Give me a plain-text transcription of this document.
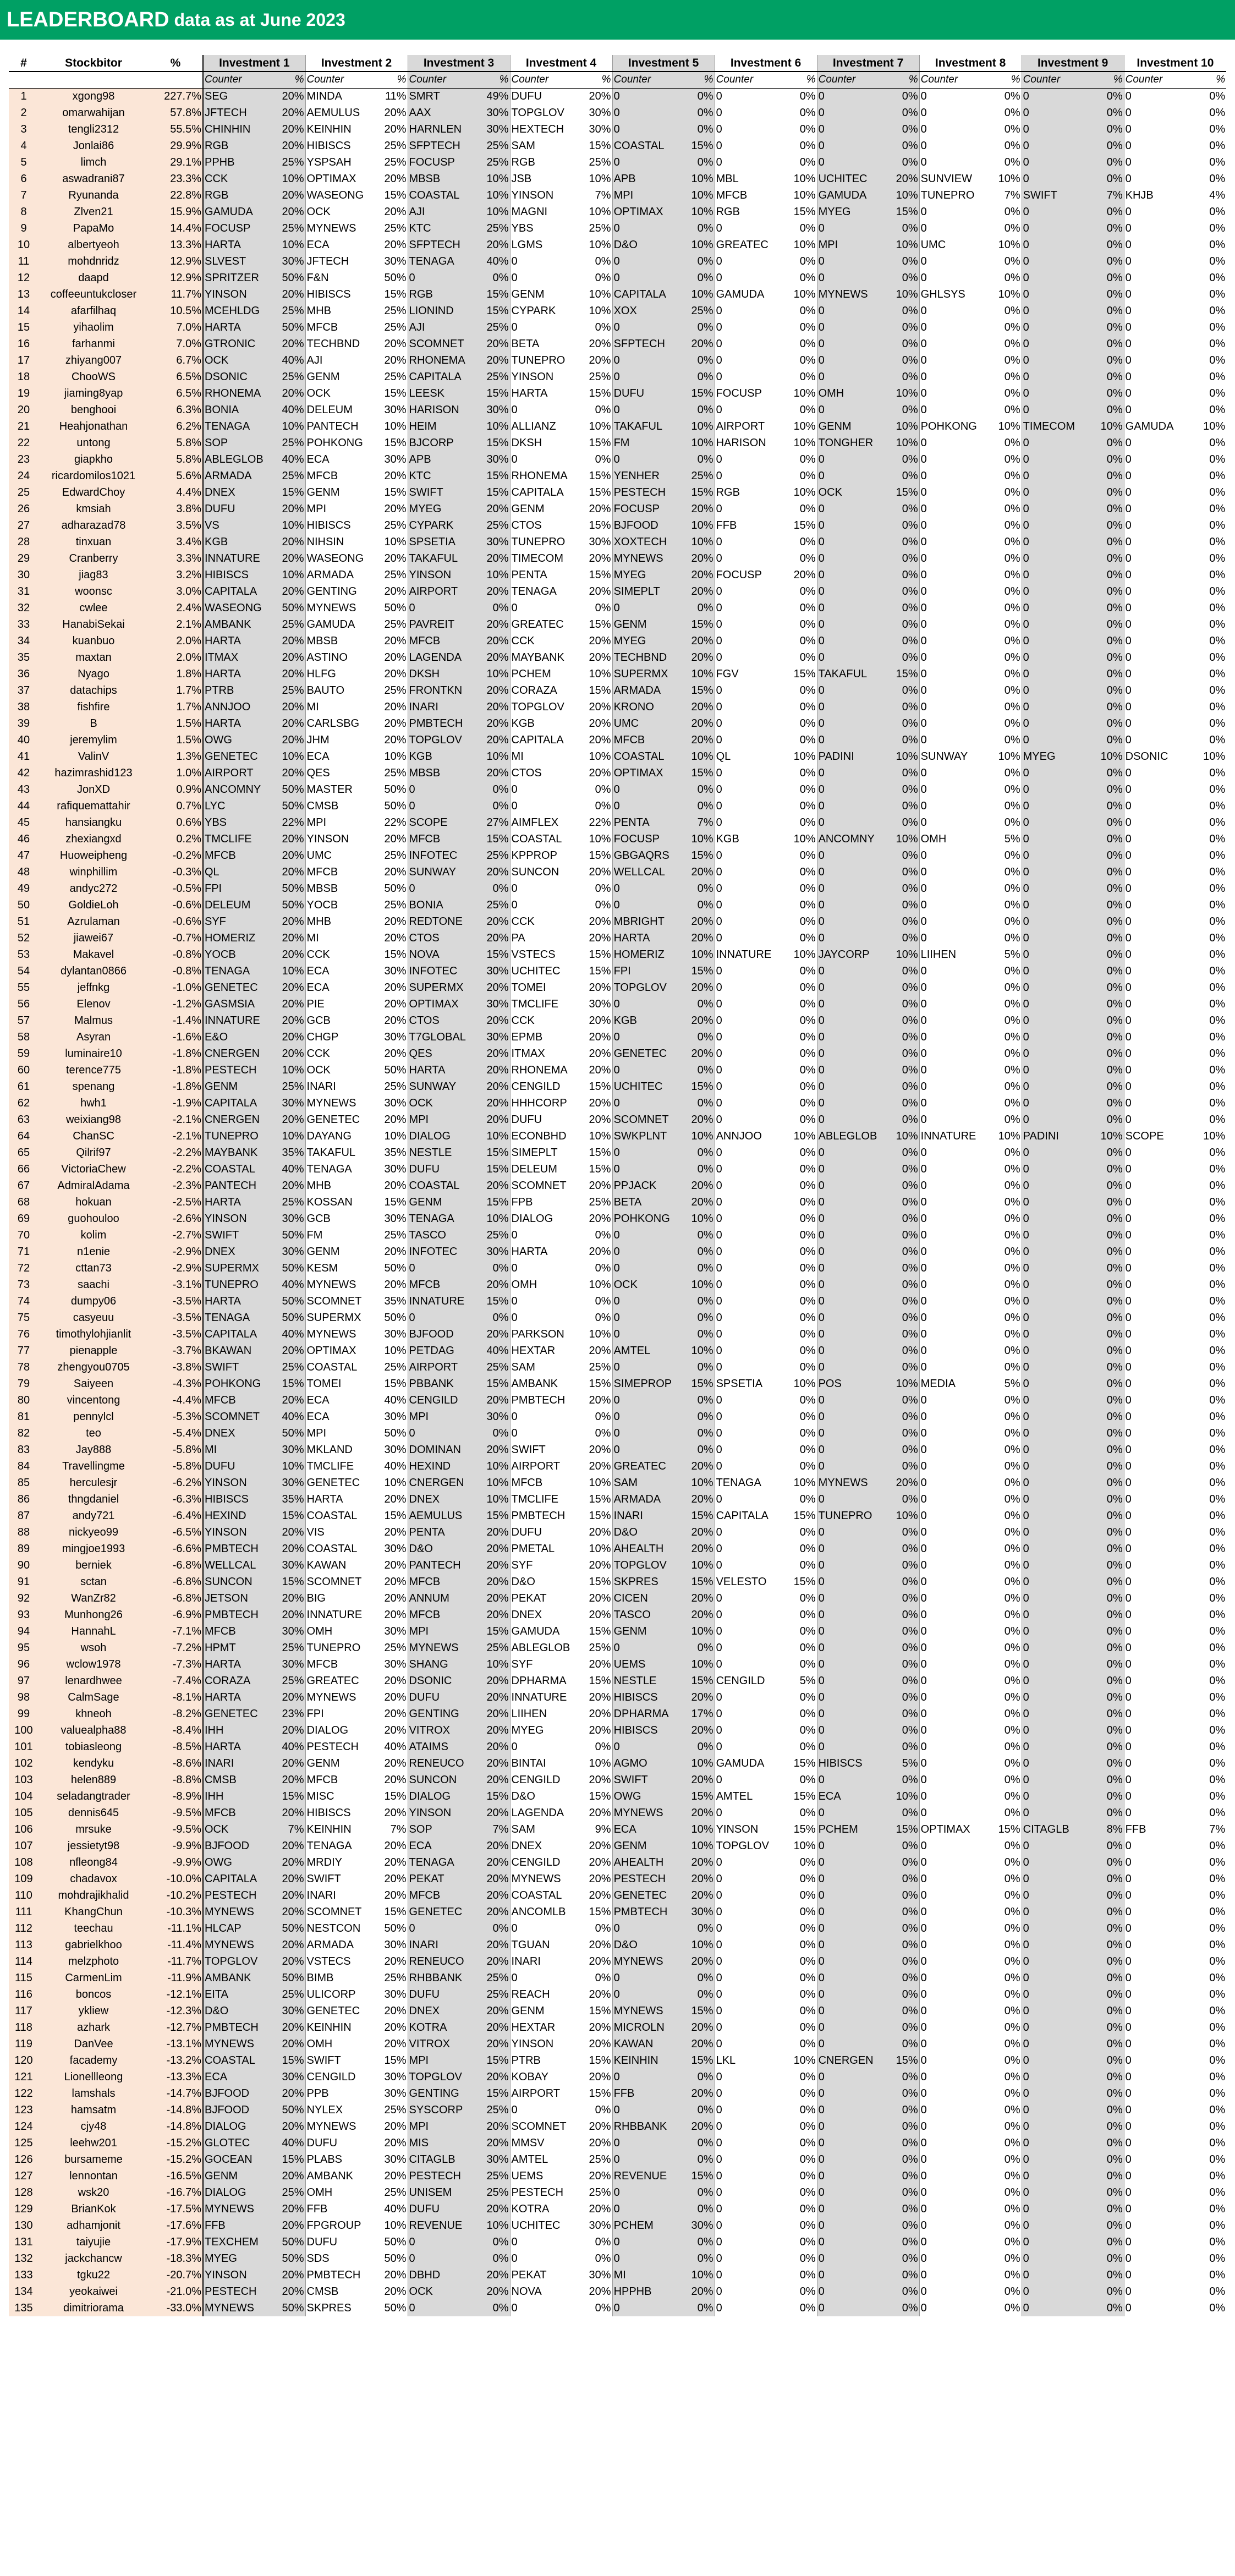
LEADERBOARD data as at June 2023
#	Stockbitor	%	Investment 1		Investment 2		Investment 3		Investment 4		Investment 5		Investment 6		Investment 7		Investment 8		Investment 9		Investment 10	
			Counter	%	Counter	%	Counter	%	Counter	%	Counter	%	Counter	%	Counter	%	Counter	%	Counter	%	Counter	%
1	xgong98	227.7%	SEG	20%	MINDA	11%	SMRT	49%	DUFU	20%	0	0%	0	0%	0	0%	0	0%	0	0%	0	0%
2	omarwahijan	57.8%	JFTECH	20%	AEMULUS	20%	AAX	30%	TOPGLOV	30%	0	0%	0	0%	0	0%	0	0%	0	0%	0	0%
3	tengli2312	55.5%	CHINHIN	20%	KEINHIN	20%	HARNLEN	30%	HEXTECH	30%	0	0%	0	0%	0	0%	0	0%	0	0%	0	0%
4	Jonlai86	29.9%	RGB	20%	HIBISCS	25%	SFPTECH	25%	SAM	15%	COASTAL	15%	0	0%	0	0%	0	0%	0	0%	0	0%
5	limch	29.1%	PPHB	25%	YSPSAH	25%	FOCUSP	25%	RGB	25%	0	0%	0	0%	0	0%	0	0%	0	0%	0	0%
6	aswadrani87	23.3%	CCK	10%	OPTIMAX	20%	MBSB	10%	JSB	10%	APB	10%	MBL	10%	UCHITEC	20%	SUNVIEW	10%	0	0%	0	0%
7	Ryunanda	22.8%	RGB	20%	WASEONG	15%	COASTAL	10%	YINSON	7%	MPI	10%	MFCB	10%	GAMUDA	10%	TUNEPRO	7%	SWIFT	7%	KHJB	4%
8	Zlven21	15.9%	GAMUDA	20%	OCK	20%	AJI	10%	MAGNI	10%	OPTIMAX	10%	RGB	15%	MYEG	15%	0	0%	0	0%	0	0%
9	PapaMo	14.4%	FOCUSP	25%	MYNEWS	25%	KTC	25%	YBS	25%	0	0%	0	0%	0	0%	0	0%	0	0%	0	0%
10	albertyeoh	13.3%	HARTA	10%	ECA	20%	SFPTECH	20%	LGMS	10%	D&O	10%	GREATEC	10%	MPI	10%	UMC	10%	0	0%	0	0%
11	mohdnridz	12.9%	SLVEST	30%	JFTECH	30%	TENAGA	40%	0	0%	0	0%	0	0%	0	0%	0	0%	0	0%	0	0%
12	daapd	12.9%	SPRITZER	50%	F&N	50%	0	0%	0	0%	0	0%	0	0%	0	0%	0	0%	0	0%	0	0%
13	coffeeuntukcloser	11.7%	YINSON	20%	HIBISCS	15%	RGB	15%	GENM	10%	CAPITALA	10%	GAMUDA	10%	MYNEWS	10%	GHLSYS	10%	0	0%	0	0%
14	afarfilhaq	10.5%	MCEHLDG	25%	MHB	25%	LIONIND	15%	CYPARK	10%	XOX	25%	0	0%	0	0%	0	0%	0	0%	0	0%
15	yihaolim	7.0%	HARTA	50%	MFCB	25%	AJI	25%	0	0%	0	0%	0	0%	0	0%	0	0%	0	0%	0	0%
16	farhanmi	7.0%	GTRONIC	20%	TECHBND	20%	SCOMNET	20%	BETA	20%	SFPTECH	20%	0	0%	0	0%	0	0%	0	0%	0	0%
17	zhiyang007	6.7%	OCK	40%	AJI	20%	RHONEMA	20%	TUNEPRO	20%	0	0%	0	0%	0	0%	0	0%	0	0%	0	0%
18	ChooWS	6.5%	DSONIC	25%	GENM	25%	CAPITALA	25%	YINSON	25%	0	0%	0	0%	0	0%	0	0%	0	0%	0	0%
19	jiaming8yap	6.5%	RHONEMA	20%	OCK	15%	LEESK	15%	HARTA	15%	DUFU	15%	FOCUSP	10%	OMH	10%	0	0%	0	0%	0	0%
20	benghooi	6.3%	BONIA	40%	DELEUM	30%	HARISON	30%	0	0%	0	0%	0	0%	0	0%	0	0%	0	0%	0	0%
21	Heahjonathan	6.2%	TENAGA	10%	PANTECH	10%	HEIM	10%	ALLIANZ	10%	TAKAFUL	10%	AIRPORT	10%	GENM	10%	POHKONG	10%	TIMECOM	10%	GAMUDA	10%
22	untong	5.8%	SOP	25%	POHKONG	15%	BJCORP	15%	DKSH	15%	FM	10%	HARISON	10%	TONGHER	10%	0	0%	0	0%	0	0%
23	giapkho	5.8%	ABLEGLOB	40%	ECA	30%	APB	30%	0	0%	0	0%	0	0%	0	0%	0	0%	0	0%	0	0%
24	ricardomilos1021	5.6%	ARMADA	25%	MFCB	20%	KTC	15%	RHONEMA	15%	YENHER	25%	0	0%	0	0%	0	0%	0	0%	0	0%
25	EdwardChoy	4.4%	DNEX	15%	GENM	15%	SWIFT	15%	CAPITALA	15%	PESTECH	15%	RGB	10%	OCK	15%	0	0%	0	0%	0	0%
26	kmsiah	3.8%	DUFU	20%	MPI	20%	MYEG	20%	GENM	20%	FOCUSP	20%	0	0%	0	0%	0	0%	0	0%	0	0%
27	adharazad78	3.5%	VS	10%	HIBISCS	25%	CYPARK	25%	CTOS	15%	BJFOOD	10%	FFB	15%	0	0%	0	0%	0	0%	0	0%
28	tinxuan	3.4%	KGB	20%	NIHSIN	10%	SPSETIA	30%	TUNEPRO	30%	XOXTECH	10%	0	0%	0	0%	0	0%	0	0%	0	0%
29	Cranberry	3.3%	INNATURE	20%	WASEONG	20%	TAKAFUL	20%	TIMECOM	20%	MYNEWS	20%	0	0%	0	0%	0	0%	0	0%	0	0%
30	jiag83	3.2%	HIBISCS	10%	ARMADA	25%	YINSON	10%	PENTA	15%	MYEG	20%	FOCUSP	20%	0	0%	0	0%	0	0%	0	0%
31	woonsc	3.0%	CAPITALA	20%	GENTING	20%	AIRPORT	20%	TENAGA	20%	SIMEPLT	20%	0	0%	0	0%	0	0%	0	0%	0	0%
32	cwlee	2.4%	WASEONG	50%	MYNEWS	50%	0	0%	0	0%	0	0%	0	0%	0	0%	0	0%	0	0%	0	0%
33	HanabiSekai	2.1%	AMBANK	25%	GAMUDA	25%	PAVREIT	20%	GREATEC	15%	GENM	15%	0	0%	0	0%	0	0%	0	0%	0	0%
34	kuanbuo	2.0%	HARTA	20%	MBSB	20%	MFCB	20%	CCK	20%	MYEG	20%	0	0%	0	0%	0	0%	0	0%	0	0%
35	maxtan	2.0%	ITMAX	20%	ASTINO	20%	LAGENDA	20%	MAYBANK	20%	TECHBND	20%	0	0%	0	0%	0	0%	0	0%	0	0%
36	Nyago	1.8%	HARTA	20%	HLFG	20%	DKSH	10%	PCHEM	10%	SUPERMX	10%	FGV	15%	TAKAFUL	15%	0	0%	0	0%	0	0%
37	datachips	1.7%	PTRB	25%	BAUTO	25%	FRONTKN	20%	CORAZA	15%	ARMADA	15%	0	0%	0	0%	0	0%	0	0%	0	0%
38	fishfire	1.7%	ANNJOO	20%	MI	20%	INARI	20%	TOPGLOV	20%	KRONO	20%	0	0%	0	0%	0	0%	0	0%	0	0%
39	B	1.5%	HARTA	20%	CARLSBG	20%	PMBTECH	20%	KGB	20%	UMC	20%	0	0%	0	0%	0	0%	0	0%	0	0%
40	jeremylim	1.5%	OWG	20%	JHM	20%	TOPGLOV	20%	CAPITALA	20%	MFCB	20%	0	0%	0	0%	0	0%	0	0%	0	0%
41	ValinV	1.3%	GENETEC	10%	ECA	10%	KGB	10%	MI	10%	COASTAL	10%	QL	10%	PADINI	10%	SUNWAY	10%	MYEG	10%	DSONIC	10%
42	hazimrashid123	1.0%	AIRPORT	20%	QES	25%	MBSB	20%	CTOS	20%	OPTIMAX	15%	0	0%	0	0%	0	0%	0	0%	0	0%
43	JonXD	0.9%	ANCOMNY	50%	MASTER	50%	0	0%	0	0%	0	0%	0	0%	0	0%	0	0%	0	0%	0	0%
44	rafiquemattahir	0.7%	LYC	50%	CMSB	50%	0	0%	0	0%	0	0%	0	0%	0	0%	0	0%	0	0%	0	0%
45	hansiangku	0.6%	YBS	22%	MPI	22%	SCOPE	27%	AIMFLEX	22%	PENTA	7%	0	0%	0	0%	0	0%	0	0%	0	0%
46	zhexiangxd	0.2%	TMCLIFE	20%	YINSON	20%	MFCB	15%	COASTAL	10%	FOCUSP	10%	KGB	10%	ANCOMNY	10%	OMH	5%	0	0%	0	0%
47	Huoweipheng	-0.2%	MFCB	20%	UMC	25%	INFOTEC	25%	KPPROP	15%	GBGAQRS	15%	0	0%	0	0%	0	0%	0	0%	0	0%
48	winphillim	-0.3%	QL	20%	MFCB	20%	SUNWAY	20%	SUNCON	20%	WELLCAL	20%	0	0%	0	0%	0	0%	0	0%	0	0%
49	andyc272	-0.5%	FPI	50%	MBSB	50%	0	0%	0	0%	0	0%	0	0%	0	0%	0	0%	0	0%	0	0%
50	GoldieLoh	-0.6%	DELEUM	50%	YOCB	25%	BONIA	25%	0	0%	0	0%	0	0%	0	0%	0	0%	0	0%	0	0%
51	Azrulaman	-0.6%	SYF	20%	MHB	20%	REDTONE	20%	CCK	20%	MBRIGHT	20%	0	0%	0	0%	0	0%	0	0%	0	0%
52	jiawei67	-0.7%	HOMERIZ	20%	MI	20%	CTOS	20%	PA	20%	HARTA	20%	0	0%	0	0%	0	0%	0	0%	0	0%
53	Makavel	-0.8%	YOCB	20%	CCK	15%	NOVA	15%	VSTECS	15%	HOMERIZ	10%	INNATURE	10%	JAYCORP	10%	LIIHEN	5%	0	0%	0	0%
54	dylantan0866	-0.8%	TENAGA	10%	ECA	30%	INFOTEC	30%	UCHITEC	15%	FPI	15%	0	0%	0	0%	0	0%	0	0%	0	0%
55	jeffnkg	-1.0%	GENETEC	20%	ECA	20%	SUPERMX	20%	TOMEI	20%	TOPGLOV	20%	0	0%	0	0%	0	0%	0	0%	0	0%
56	Elenov	-1.2%	GASMSIA	20%	PIE	20%	OPTIMAX	30%	TMCLIFE	30%	0	0%	0	0%	0	0%	0	0%	0	0%	0	0%
57	Malmus	-1.4%	INNATURE	20%	GCB	20%	CTOS	20%	CCK	20%	KGB	20%	0	0%	0	0%	0	0%	0	0%	0	0%
58	Asyran	-1.6%	E&O	20%	CHGP	30%	T7GLOBAL	30%	EPMB	20%	0	0%	0	0%	0	0%	0	0%	0	0%	0	0%
59	luminaire10	-1.8%	CNERGEN	20%	CCK	20%	QES	20%	ITMAX	20%	GENETEC	20%	0	0%	0	0%	0	0%	0	0%	0	0%
60	terence775	-1.8%	PESTECH	10%	OCK	50%	HARTA	20%	RHONEMA	20%	0	0%	0	0%	0	0%	0	0%	0	0%	0	0%
61	spenang	-1.8%	GENM	25%	INARI	25%	SUNWAY	20%	CENGILD	15%	UCHITEC	15%	0	0%	0	0%	0	0%	0	0%	0	0%
62	hwh1	-1.9%	CAPITALA	30%	MYNEWS	30%	OCK	20%	HHHCORP	20%	0	0%	0	0%	0	0%	0	0%	0	0%	0	0%
63	weixiang98	-2.1%	CNERGEN	20%	GENETEC	20%	MPI	20%	DUFU	20%	SCOMNET	20%	0	0%	0	0%	0	0%	0	0%	0	0%
64	ChanSC	-2.1%	TUNEPRO	10%	DAYANG	10%	DIALOG	10%	ECONBHD	10%	SWKPLNT	10%	ANNJOO	10%	ABLEGLOB	10%	INNATURE	10%	PADINI	10%	SCOPE	10%
65	Qilrif97	-2.2%	MAYBANK	35%	TAKAFUL	35%	NESTLE	15%	SIMEPLT	15%	0	0%	0	0%	0	0%	0	0%	0	0%	0	0%
66	VictoriaChew	-2.2%	COASTAL	40%	TENAGA	30%	DUFU	15%	DELEUM	15%	0	0%	0	0%	0	0%	0	0%	0	0%	0	0%
67	AdmiralAdama	-2.3%	PANTECH	20%	MHB	20%	COASTAL	20%	SCOMNET	20%	PPJACK	20%	0	0%	0	0%	0	0%	0	0%	0	0%
68	hokuan	-2.5%	HARTA	25%	KOSSAN	15%	GENM	15%	FPB	25%	BETA	20%	0	0%	0	0%	0	0%	0	0%	0	0%
69	guohouloo	-2.6%	YINSON	30%	GCB	30%	TENAGA	10%	DIALOG	20%	POHKONG	10%	0	0%	0	0%	0	0%	0	0%	0	0%
70	kolim	-2.7%	SWIFT	50%	FM	25%	TASCO	25%	0	0%	0	0%	0	0%	0	0%	0	0%	0	0%	0	0%
71	n1enie	-2.9%	DNEX	30%	GENM	20%	INFOTEC	30%	HARTA	20%	0	0%	0	0%	0	0%	0	0%	0	0%	0	0%
72	cttan73	-2.9%	SUPERMX	50%	KESM	50%	0	0%	0	0%	0	0%	0	0%	0	0%	0	0%	0	0%	0	0%
73	saachi	-3.1%	TUNEPRO	40%	MYNEWS	20%	MFCB	20%	OMH	10%	OCK	10%	0	0%	0	0%	0	0%	0	0%	0	0%
74	dumpy06	-3.5%	HARTA	50%	SCOMNET	35%	INNATURE	15%	0	0%	0	0%	0	0%	0	0%	0	0%	0	0%	0	0%
75	casyeuu	-3.5%	TENAGA	50%	SUPERMX	50%	0	0%	0	0%	0	0%	0	0%	0	0%	0	0%	0	0%	0	0%
76	timothylohjianlit	-3.5%	CAPITALA	40%	MYNEWS	30%	BJFOOD	20%	PARKSON	10%	0	0%	0	0%	0	0%	0	0%	0	0%	0	0%
77	pienapple	-3.7%	BKAWAN	20%	OPTIMAX	10%	PETDAG	40%	HEXTAR	20%	AMTEL	10%	0	0%	0	0%	0	0%	0	0%	0	0%
78	zhengyou0705	-3.8%	SWIFT	25%	COASTAL	25%	AIRPORT	25%	SAM	25%	0	0%	0	0%	0	0%	0	0%	0	0%	0	0%
79	Saiyeen	-4.3%	POHKONG	15%	TOMEI	15%	PBBANK	15%	AMBANK	15%	SIMEPROP	15%	SPSETIA	10%	POS	10%	MEDIA	5%	0	0%	0	0%
80	vincentong	-4.4%	MFCB	20%	ECA	40%	CENGILD	20%	PMBTECH	20%	0	0%	0	0%	0	0%	0	0%	0	0%	0	0%
81	pennylcl	-5.3%	SCOMNET	40%	ECA	30%	MPI	30%	0	0%	0	0%	0	0%	0	0%	0	0%	0	0%	0	0%
82	teo	-5.4%	DNEX	50%	MPI	50%	0	0%	0	0%	0	0%	0	0%	0	0%	0	0%	0	0%	0	0%
83	Jay888	-5.8%	MI	30%	MKLAND	30%	DOMINAN	20%	SWIFT	20%	0	0%	0	0%	0	0%	0	0%	0	0%	0	0%
84	Travellingme	-5.8%	DUFU	10%	TMCLIFE	40%	HEXIND	10%	AIRPORT	20%	GREATEC	20%	0	0%	0	0%	0	0%	0	0%	0	0%
85	herculesjr	-6.2%	YINSON	30%	GENETEC	10%	CNERGEN	10%	MFCB	10%	SAM	10%	TENAGA	10%	MYNEWS	20%	0	0%	0	0%	0	0%
86	thngdaniel	-6.3%	HIBISCS	35%	HARTA	20%	DNEX	10%	TMCLIFE	15%	ARMADA	20%	0	0%	0	0%	0	0%	0	0%	0	0%
87	andy721	-6.4%	HEXIND	15%	COASTAL	15%	AEMULUS	15%	PMBTECH	15%	INARI	15%	CAPITALA	15%	TUNEPRO	10%	0	0%	0	0%	0	0%
88	nickyeo99	-6.5%	YINSON	20%	VIS	20%	PENTA	20%	DUFU	20%	D&O	20%	0	0%	0	0%	0	0%	0	0%	0	0%
89	mingjoe1993	-6.6%	PMBTECH	20%	COASTAL	30%	D&O	20%	PMETAL	10%	AHEALTH	20%	0	0%	0	0%	0	0%	0	0%	0	0%
90	berniek	-6.8%	WELLCAL	30%	KAWAN	20%	PANTECH	20%	SYF	20%	TOPGLOV	10%	0	0%	0	0%	0	0%	0	0%	0	0%
91	sctan	-6.8%	SUNCON	15%	SCOMNET	20%	MFCB	20%	D&O	15%	SKPRES	15%	VELESTO	15%	0	0%	0	0%	0	0%	0	0%
92	WanZr82	-6.8%	JETSON	20%	BIG	20%	ANNUM	20%	PEKAT	20%	CICEN	20%	0	0%	0	0%	0	0%	0	0%	0	0%
93	Munhong26	-6.9%	PMBTECH	20%	INNATURE	20%	MFCB	20%	DNEX	20%	TASCO	20%	0	0%	0	0%	0	0%	0	0%	0	0%
94	HannahL	-7.1%	MFCB	30%	OMH	30%	MPI	15%	GAMUDA	15%	GENM	10%	0	0%	0	0%	0	0%	0	0%	0	0%
95	wsoh	-7.2%	HPMT	25%	TUNEPRO	25%	MYNEWS	25%	ABLEGLOB	25%	0	0%	0	0%	0	0%	0	0%	0	0%	0	0%
96	wclow1978	-7.3%	HARTA	30%	MFCB	30%	SHANG	10%	SYF	20%	UEMS	10%	0	0%	0	0%	0	0%	0	0%	0	0%
97	lenardhwee	-7.4%	CORAZA	25%	GREATEC	20%	DSONIC	20%	DPHARMA	15%	NESTLE	15%	CENGILD	5%	0	0%	0	0%	0	0%	0	0%
98	CalmSage	-8.1%	HARTA	20%	MYNEWS	20%	DUFU	20%	INNATURE	20%	HIBISCS	20%	0	0%	0	0%	0	0%	0	0%	0	0%
99	khneoh	-8.2%	GENETEC	23%	FPI	20%	GENTING	20%	LIIHEN	20%	DPHARMA	17%	0	0%	0	0%	0	0%	0	0%	0	0%
100	valuealpha88	-8.4%	IHH	20%	DIALOG	20%	VITROX	20%	MYEG	20%	HIBISCS	20%	0	0%	0	0%	0	0%	0	0%	0	0%
101	tobiasleong	-8.5%	HARTA	40%	PESTECH	40%	ATAIMS	20%	0	0%	0	0%	0	0%	0	0%	0	0%	0	0%	0	0%
102	kendyku	-8.6%	INARI	20%	GENM	20%	RENEUCO	20%	BINTAI	10%	AGMO	10%	GAMUDA	15%	HIBISCS	5%	0	0%	0	0%	0	0%
103	helen889	-8.8%	CMSB	20%	MFCB	20%	SUNCON	20%	CENGILD	20%	SWIFT	20%	0	0%	0	0%	0	0%	0	0%	0	0%
104	seladangtrader	-8.9%	IHH	15%	MISC	15%	DIALOG	15%	D&O	15%	OWG	15%	AMTEL	15%	ECA	10%	0	0%	0	0%	0	0%
105	dennis645	-9.5%	MFCB	20%	HIBISCS	20%	YINSON	20%	LAGENDA	20%	MYNEWS	20%	0	0%	0	0%	0	0%	0	0%	0	0%
106	mrsuke	-9.5%	OCK	7%	KEINHIN	7%	SOP	7%	SAM	9%	ECA	10%	YINSON	15%	PCHEM	15%	OPTIMAX	15%	CITAGLB	8%	FFB	7%
107	jessietyt98	-9.9%	BJFOOD	20%	TENAGA	20%	ECA	20%	DNEX	20%	GENM	10%	TOPGLOV	10%	0	0%	0	0%	0	0%	0	0%
108	nfleong84	-9.9%	OWG	20%	MRDIY	20%	TENAGA	20%	CENGILD	20%	AHEALTH	20%	0	0%	0	0%	0	0%	0	0%	0	0%
109	chadavox	-10.0%	CAPITALA	20%	SWIFT	20%	PEKAT	20%	MYNEWS	20%	PESTECH	20%	0	0%	0	0%	0	0%	0	0%	0	0%
110	mohdrajikhalid	-10.2%	PESTECH	20%	INARI	20%	MFCB	20%	COASTAL	20%	GENETEC	20%	0	0%	0	0%	0	0%	0	0%	0	0%
111	KhangChun	-10.3%	MYNEWS	20%	SCOMNET	15%	GENETEC	20%	ANCOMLB	15%	PMBTECH	30%	0	0%	0	0%	0	0%	0	0%	0	0%
112	teechau	-11.1%	HLCAP	50%	NESTCON	50%	0	0%	0	0%	0	0%	0	0%	0	0%	0	0%	0	0%	0	0%
113	gabrielkhoo	-11.4%	MYNEWS	20%	ARMADA	30%	INARI	20%	TGUAN	20%	D&O	10%	0	0%	0	0%	0	0%	0	0%	0	0%
114	melzphoto	-11.7%	TOPGLOV	20%	VSTECS	20%	RENEUCO	20%	INARI	20%	MYNEWS	20%	0	0%	0	0%	0	0%	0	0%	0	0%
115	CarmenLim	-11.9%	AMBANK	50%	BIMB	25%	RHBBANK	25%	0	0%	0	0%	0	0%	0	0%	0	0%	0	0%	0	0%
116	boncos	-12.1%	EITA	25%	ULICORP	30%	DUFU	25%	REACH	20%	0	0%	0	0%	0	0%	0	0%	0	0%	0	0%
117	ykliew	-12.3%	D&O	30%	GENETEC	20%	DNEX	20%	GENM	15%	MYNEWS	15%	0	0%	0	0%	0	0%	0	0%	0	0%
118	azhark	-12.7%	PMBTECH	20%	KEINHIN	20%	KOTRA	20%	HEXTAR	20%	MICROLN	20%	0	0%	0	0%	0	0%	0	0%	0	0%
119	DanVee	-13.1%	MYNEWS	20%	OMH	20%	VITROX	20%	YINSON	20%	KAWAN	20%	0	0%	0	0%	0	0%	0	0%	0	0%
120	facademy	-13.2%	COASTAL	15%	SWIFT	15%	MPI	15%	PTRB	15%	KEINHIN	15%	LKL	10%	CNERGEN	15%	0	0%	0	0%	0	0%
121	Lionellleong	-13.3%	ECA	30%	CENGILD	30%	TOPGLOV	20%	KOBAY	20%	0	0%	0	0%	0	0%	0	0%	0	0%	0	0%
122	lamshals	-14.7%	BJFOOD	20%	PPB	30%	GENTING	15%	AIRPORT	15%	FFB	20%	0	0%	0	0%	0	0%	0	0%	0	0%
123	hamsatm	-14.8%	BJFOOD	50%	NYLEX	25%	SYSCORP	25%	0	0%	0	0%	0	0%	0	0%	0	0%	0	0%	0	0%
124	cjy48	-14.8%	DIALOG	20%	MYNEWS	20%	MPI	20%	SCOMNET	20%	RHBBANK	20%	0	0%	0	0%	0	0%	0	0%	0	0%
125	leehw201	-15.2%	GLOTEC	40%	DUFU	20%	MIS	20%	MMSV	20%	0	0%	0	0%	0	0%	0	0%	0	0%	0	0%
126	bursameme	-15.2%	GOCEAN	15%	PLABS	30%	CITAGLB	30%	AMTEL	25%	0	0%	0	0%	0	0%	0	0%	0	0%	0	0%
127	lennontan	-16.5%	GENM	20%	AMBANK	20%	PESTECH	25%	UEMS	20%	REVENUE	15%	0	0%	0	0%	0	0%	0	0%	0	0%
128	wsk20	-16.7%	DIALOG	25%	OMH	25%	UNISEM	25%	PESTECH	25%	0	0%	0	0%	0	0%	0	0%	0	0%	0	0%
129	BrianKok	-17.5%	MYNEWS	20%	FFB	40%	DUFU	20%	KOTRA	20%	0	0%	0	0%	0	0%	0	0%	0	0%	0	0%
130	adhamjonit	-17.6%	FFB	20%	FPGROUP	10%	REVENUE	10%	UCHITEC	30%	PCHEM	30%	0	0%	0	0%	0	0%	0	0%	0	0%
131	taiyujie	-17.9%	TEXCHEM	50%	DUFU	50%	0	0%	0	0%	0	0%	0	0%	0	0%	0	0%	0	0%	0	0%
132	jackchancw	-18.3%	MYEG	50%	SDS	50%	0	0%	0	0%	0	0%	0	0%	0	0%	0	0%	0	0%	0	0%
133	tgku22	-20.7%	YINSON	20%	PMBTECH	20%	DBHD	20%	PEKAT	30%	MI	10%	0	0%	0	0%	0	0%	0	0%	0	0%
134	yeokaiwei	-21.0%	PESTECH	20%	CMSB	20%	OCK	20%	NOVA	20%	HPPHB	20%	0	0%	0	0%	0	0%	0	0%	0	0%
135	dimitriorama	-33.0%	MYNEWS	50%	SKPRES	50%	0	0%	0	0%	0	0%	0	0%	0	0%	0	0%	0	0%	0	0%
